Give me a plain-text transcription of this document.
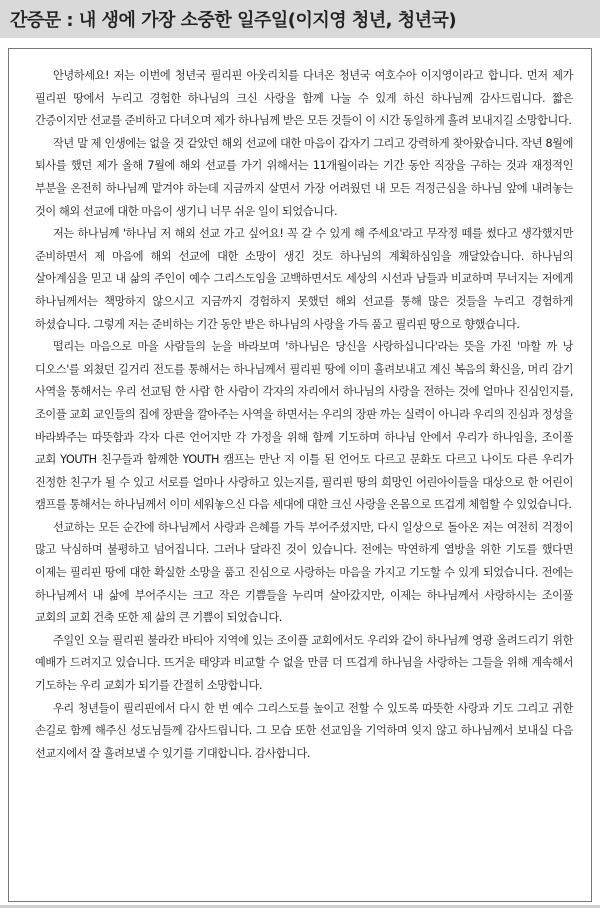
간증문 : 내 생에 가장 소중한 일주일(이지영 청년, 청년국)

안녕하세요! 저는 이번에 청년국 필리핀 아웃리치를 다녀온 청년국 여호수아 이지영이라고 합니다. 먼저 제가 필리핀 땅에서 누리고 경험한 하나님의 크신 사랑을 함께 나눌 수 있게 하신 하나님께 감사드립니다. 짧은 간증이지만 선교를 준비하고 다녀오며 제가 하나님께 받은 모든 것들이 이 시간 동일하게 흘려 보내지길 소망합니다.

작년 말 제 인생에는 없을 것 같았던 해외 선교에 대한 마음이 갑자기 그리고 강력하게 찾아왔습니다. 작년 8월에 퇴사를 했던 제가 올해 7월에 해외 선교를 가기 위해서는 11개월이라는 기간 동안 직장을 구하는 것과 재정적인 부분을 온전히 하나님께 맡겨야 하는데 지금까지 살면서 가장 어려웠던 내 모든 걱정근심을 하나님 앞에 내려놓는 것이 해외 선교에 대한 마음이 생기니 너무 쉬운 일이 되었습니다.

저는 하나님께 '하나님 저 해외 선교 가고 싶어요! 꼭 갈 수 있게 해 주세요'라고 무작정 떼를 썼다고 생각했지만 준비하면서 제 마음에 해외 선교에 대한 소망이 생긴 것도 하나님의 계획하심임을 깨달았습니다. 하나님의 살아계심을 믿고 내 삶의 주인이 예수 그리스도임을 고백하면서도 세상의 시선과 남들과 비교하며 무너지는 저에게 하나님께서는 책망하지 않으시고 지금까지 경험하지 못했던 해외 선교를 통해 많은 것들을 누리고 경험하게 하셨습니다. 그렇게 저는 준비하는 기간 동안 받은 하나님의 사랑을 가득 품고 필리핀 땅으로 향했습니다.

떨리는 마음으로 마을 사람들의 눈을 바라보며 '하나님은 당신을 사랑하십니다'라는 뜻을 가진 '마할 까 낭 디오스'를 외쳤던 길거리 전도를 통해서는 하나님께서 필리핀 땅에 이미 흘려보내고 계신 복음의 확신을, 머리 감기 사역을 통해서는 우리 선교팀 한 사람 한 사람이 각자의 자리에서 하나님의 사랑을 전하는 것에 얼마나 진심인지를, 조이플 교회 교인들의 집에 장판을 깔아주는 사역을 하면서는 우리의 장판 까는 실력이 아니라 우리의 진심과 정성을 바라봐주는 따뜻함과 각자 다른 언어지만 각 가정을 위해 함께 기도하며 하나님 안에서 우리가 하나임을, 조이풀 교회 YOUTH 친구들과 함께한 YOUTH 캠프는 만난 지 이틀 된 언어도 다르고 문화도 다르고 나이도 다른 우리가 진정한 친구가 될 수 있고 서로를 얼마나 사랑하고 있는지를, 필리핀 땅의 희망인 어린아이들을 대상으로 한 어린이 캠프를 통해서는 하나님께서 이미 세워놓으신 다음 세대에 대한 크신 사랑을 온몸으로 뜨겁게 체험할 수 있었습니다.

선교하는 모든 순간에 하나님께서 사랑과 은혜를 가득 부어주셨지만, 다시 일상으로 돌아온 저는 여전히 걱정이 많고 낙심하며 불평하고 넘어집니다. 그러나 달라진 것이 있습니다. 전에는 막연하게 열방을 위한 기도를 했다면 이제는 필리핀 땅에 대한 확실한 소망을 품고 진심으로 사랑하는 마음을 가지고 기도할 수 있게 되었습니다. 전에는 하나님께서 내 삶에 부어주시는 크고 작은 기쁨들을 누리며 살아갔지만, 이제는 하나님께서 사랑하시는 조이풀 교회의 교회 건축 또한 제 삶의 큰 기쁨이 되었습니다.

주일인 오늘 필리핀 불라칸 바티아 지역에 있는 조이플 교회에서도 우리와 같이 하나님께 영광 올려드리기 위한 예배가 드려지고 있습니다. 뜨거운 태양과 비교할 수 없을 만큼 더 뜨겁게 하나님을 사랑하는 그들을 위해 계속해서 기도하는 우리 교회가 되기를 간절히 소망합니다.

우리 청년들이 필리핀에서 다시 한 번 예수 그리스도를 높이고 전할 수 있도록 따뜻한 사랑과 기도 그리고 귀한 손길로 함께 해주신 성도님들께 감사드립니다. 그 모습 또한 선교임을 기억하며 잊지 않고 하나님께서 보내실 다음 선교지에서 잘 흘려보낼 수 있기를 기대합니다. 감사합니다.
